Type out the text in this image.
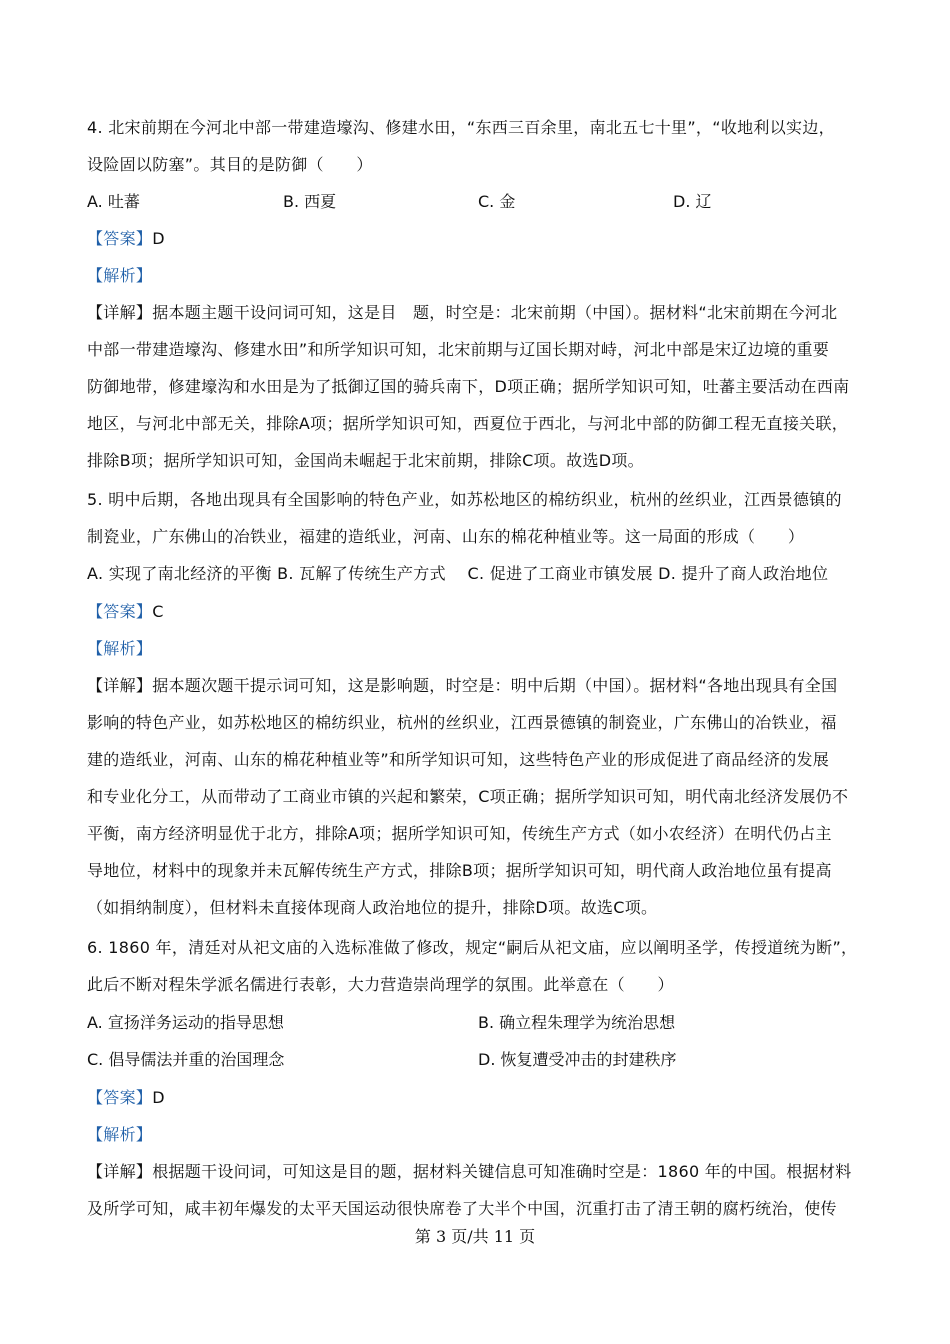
4. 北宋前期在今河北中部一带建造壕沟、修建水田，“东西三百余里，南北五七十里”，“收地利以实边，
设险固以防塞”。其目的是防御（　　）
A. 吐蕃	B. 西夏	C. 金	D. 辽
【答案】D
【解析】
【详解】据本题主题干设问词可知，这是目　题，时空是：北宋前期（中国）。据材料“北宋前期在今河北
中部一带建造壕沟、修建水田”和所学知识可知，北宋前期与辽国长期对峙，河北中部是宋辽边境的重要
防御地带，修建壕沟和水田是为了抵御辽国的骑兵南下，D项正确；据所学知识可知，吐蕃主要活动在西南
地区，与河北中部无关，排除A项；据所学知识可知，西夏位于西北，与河北中部的防御工程无直接关联，
排除B项；据所学知识可知，金国尚未崛起于北宋前期，排除C项。故选D项。
5. 明中后期，各地出现具有全国影响的特色产业，如苏松地区的棉纺织业，杭州的丝织业，江西景德镇的
制瓷业，广东佛山的冶铁业，福建的造纸业，河南、山东的棉花种植业等。这一局面的形成（　　）
A. 实现了南北经济的平衡 B. 瓦解了传统生产方式　 C. 促进了工商业市镇发展 D. 提升了商人政治地位
【答案】C
【解析】
【详解】据本题次题干提示词可知，这是影响题，时空是：明中后期（中国）。据材料“各地出现具有全国
影响的特色产业，如苏松地区的棉纺织业，杭州的丝织业，江西景德镇的制瓷业，广东佛山的冶铁业，福
建的造纸业，河南、山东的棉花种植业等”和所学知识可知，这些特色产业的形成促进了商品经济的发展
和专业化分工，从而带动了工商业市镇的兴起和繁荣，C项正确；据所学知识可知，明代南北经济发展仍不
平衡，南方经济明显优于北方，排除A项；据所学知识可知，传统生产方式（如小农经济）在明代仍占主
导地位，材料中的现象并未瓦解传统生产方式，排除B项；据所学知识可知，明代商人政治地位虽有提高
（如捐纳制度），但材料未直接体现商人政治地位的提升，排除D项。故选C项。
6. 1860 年，清廷对从祀文庙的入选标准做了修改，规定“嗣后从祀文庙，应以阐明圣学，传授道统为断”，
此后不断对程朱学派名儒进行表彰，大力营造崇尚理学的氛围。此举意在（　　）
A. 宣扬洋务运动的指导思想	B. 确立程朱理学为统治思想
C. 倡导儒法并重的治国理念	D. 恢复遭受冲击的封建秩序
【答案】D
【解析】
【详解】根据题干设问词，可知这是目的题，据材料关键信息可知准确时空是：1860 年的中国。根据材料
及所学可知，咸丰初年爆发的太平天国运动很快席卷了大半个中国，沉重打击了清王朝的腐朽统治，使传
第 3 页/共 11 页
